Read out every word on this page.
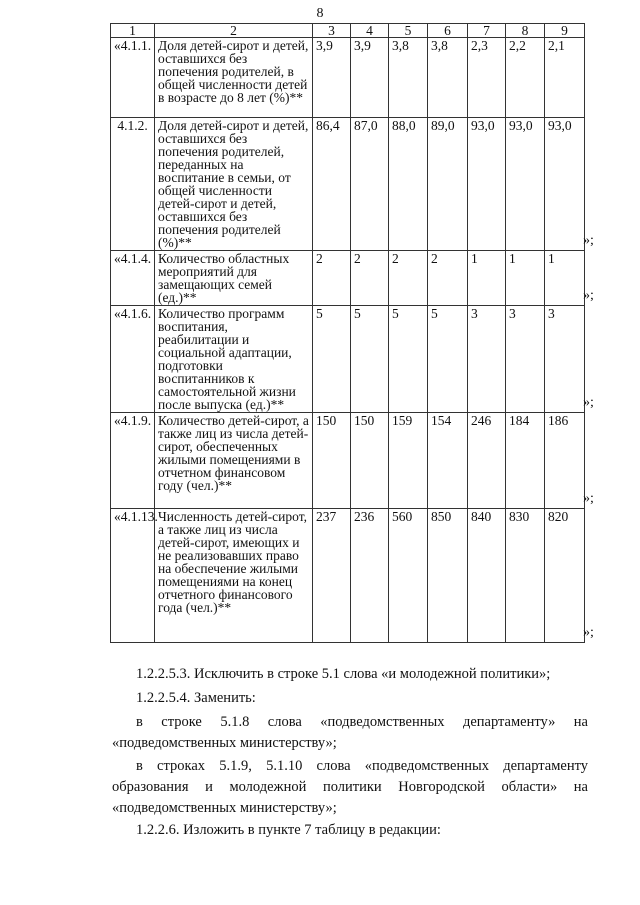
8
1	2	3	4	5	6	7	8	9
«4.1.1.	Доля детей-сирот и детей, оставшихся без попечения родителей, в общей численности детей в возрасте до 8 лет (%)**	3,9	3,9	3,8	3,8	2,3	2,2	2,1
4.1.2.	Доля детей-сирот и детей, оставшихся без попечения родителей, переданных на воспитание в семьи, от общей численности детей-сирот и детей, оставшихся без попечения родителей (%)**	86,4	87,0	88,0	89,0	93,0	93,0	93,0
«4.1.4.	Количество областных мероприятий для замещающих семей (ед.)**	2	2	2	2	1	1	1
«4.1.6.	Количество программ воспитания, реабилитации и социальной адаптации, подготовки воспитанников к самостоятельной жизни после выпуска (ед.)**	5	5	5	5	3	3	3
«4.1.9.	Количество детей-сирот, а также лиц из числа детей-сирот, обеспеченных жилыми помещениями в отчетном финансовом году (чел.)**	150	150	159	154	246	184	186
«4.1.13.	Численность детей-сирот, а также лиц из числа детей-сирот, имеющих и не реализовавших право на обеспечение жилыми помещениями на конец отчетного финансового года (чел.)**	237	236	560	850	840	830	820
»;
»;
»;
»;
»;
1.2.2.5.3. Исключить в строке 5.1 слова «и молодежной политики»;
1.2.2.5.4. Заменить:
в строке 5.1.8 слова «подведомственных департаменту» на «подведомственных министерству»;
в строках 5.1.9, 5.1.10 слова «подведомственных департаменту образования и молодежной политики Новгородской области» на «подведомственных министерству»;
1.2.2.6. Изложить в пункте 7 таблицу в редакции:
